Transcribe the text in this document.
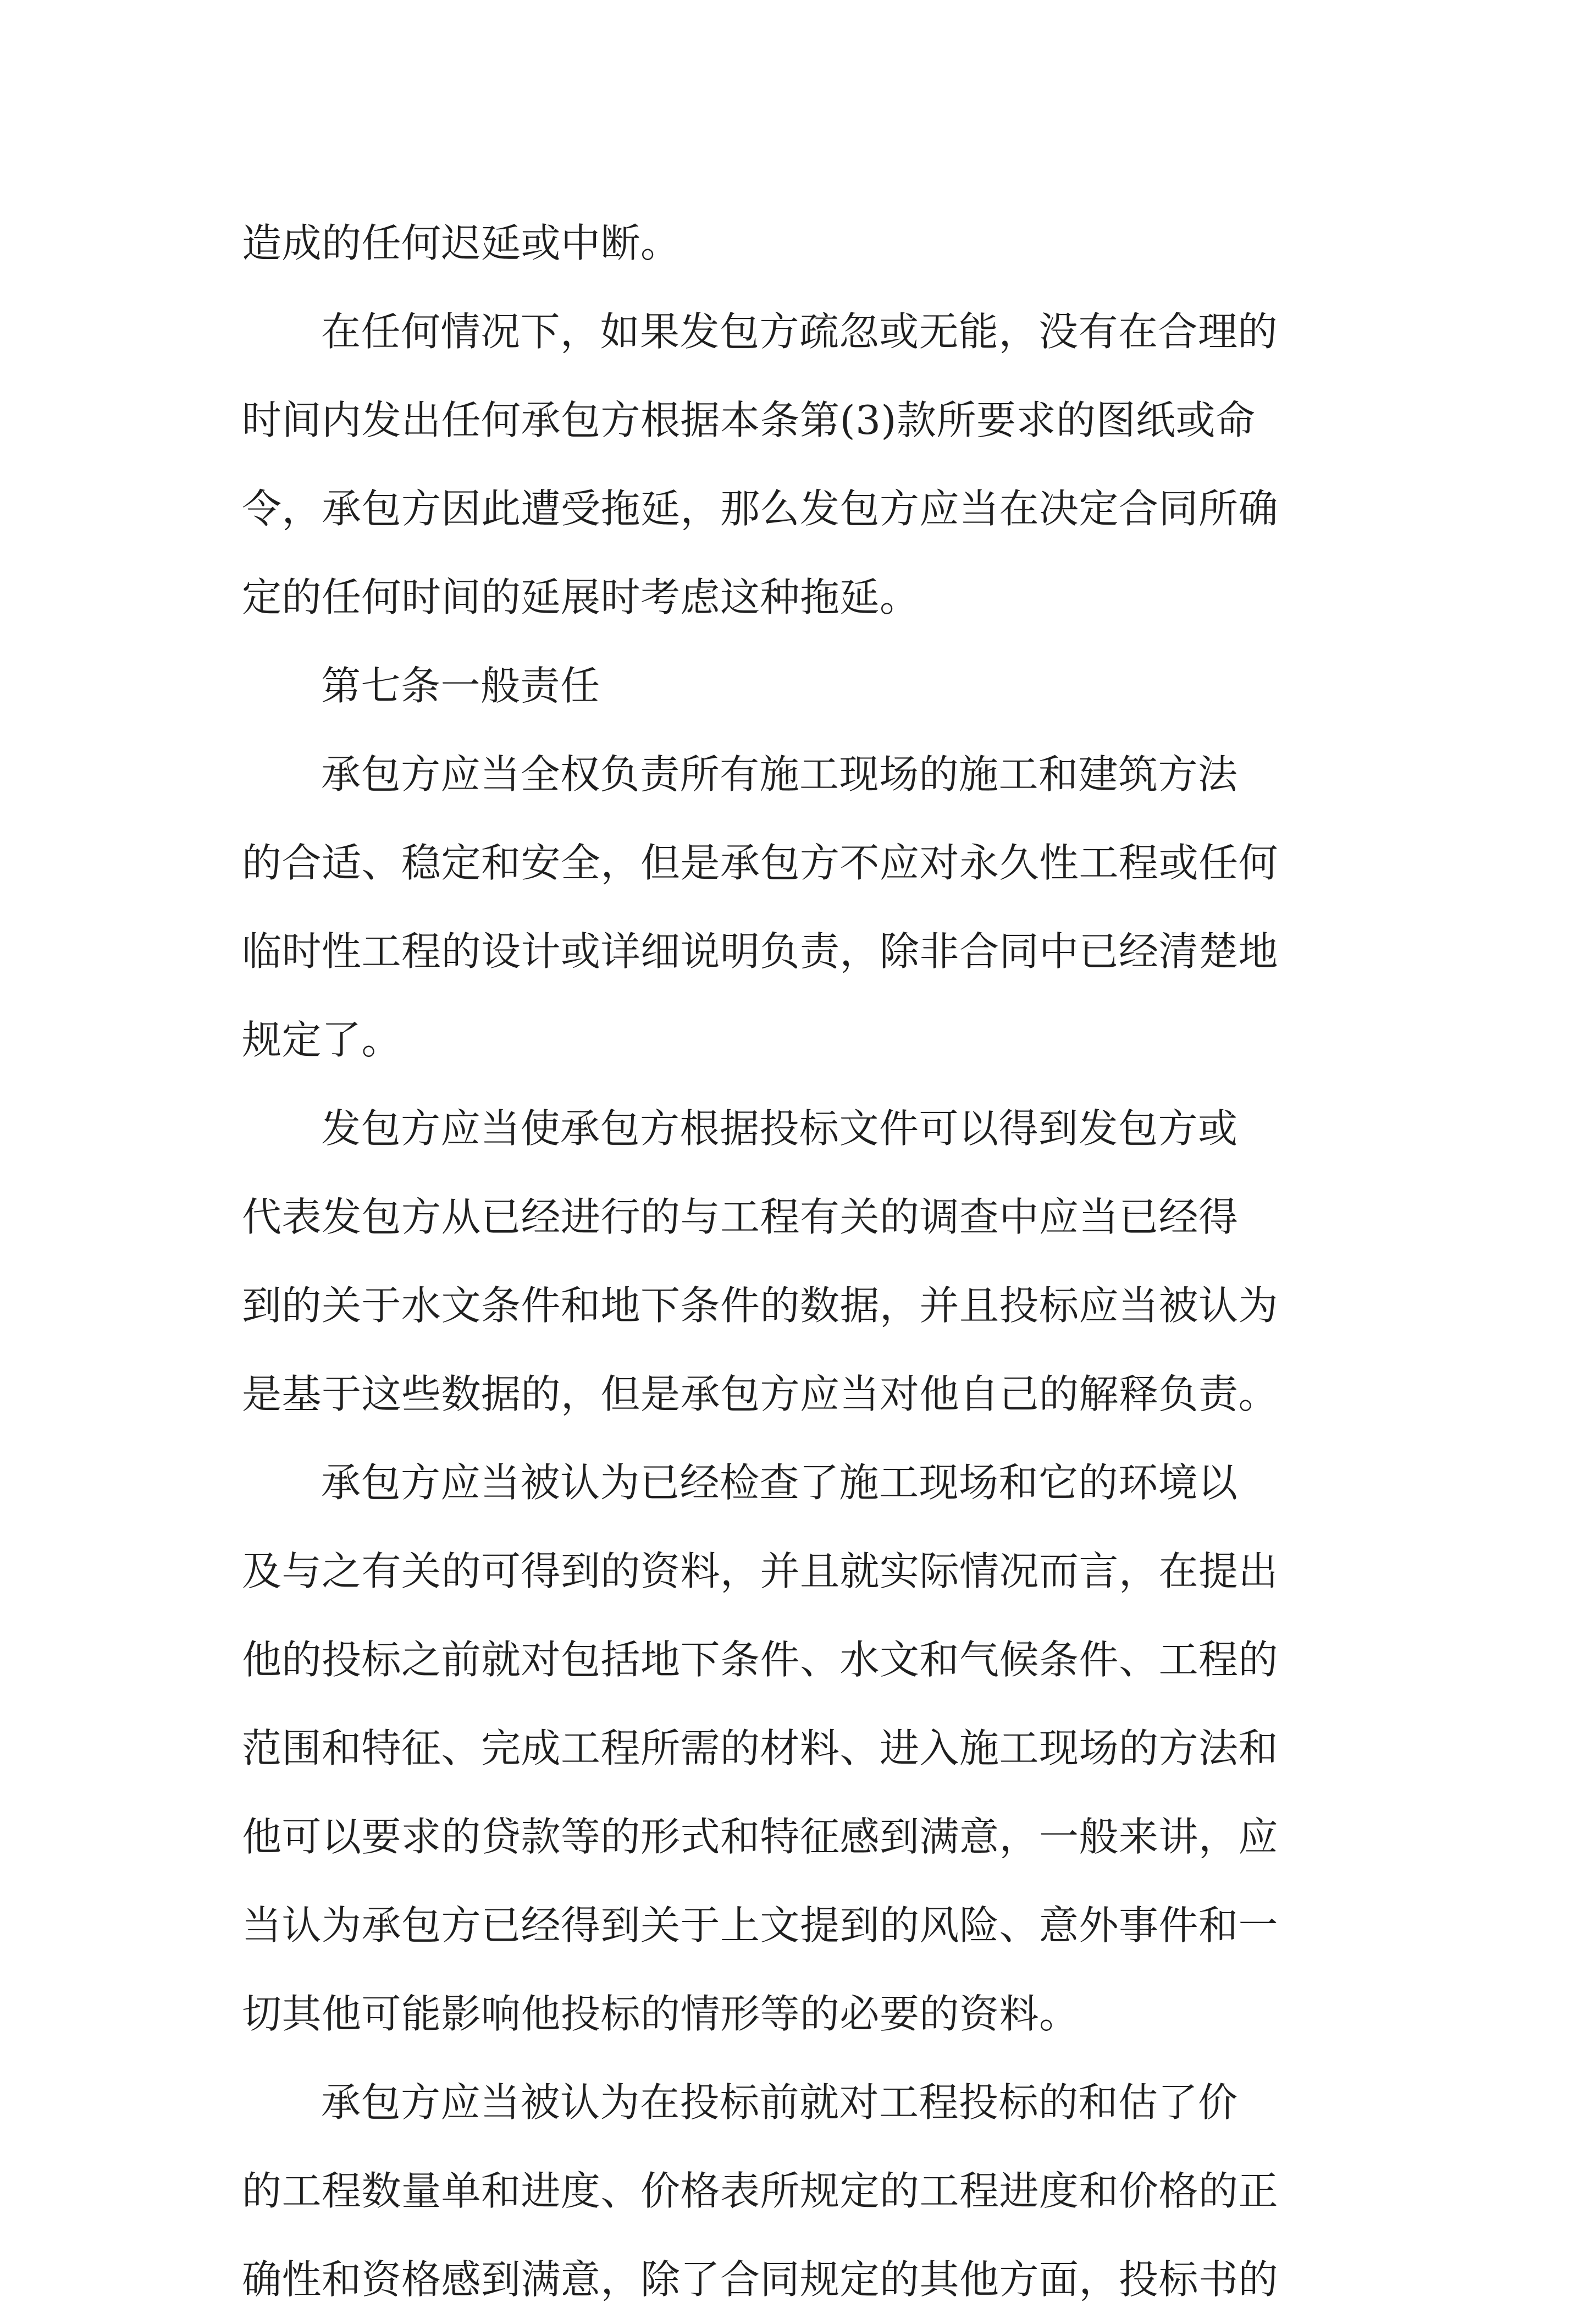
造成的任何迟延或中断。

在任何情况下，如果发包方疏忽或无能，没有在合理的
时间内发出任何承包方根据本条第(3)款所要求的图纸或命
令，承包方因此遭受拖延，那么发包方应当在决定合同所确
定的任何时间的延展时考虑这种拖延。

第七条一般责任

承包方应当全权负责所有施工现场的施工和建筑方法
的合适、稳定和安全，但是承包方不应对永久性工程或任何
临时性工程的设计或详细说明负责，除非合同中已经清楚地
规定了。

发包方应当使承包方根据投标文件可以得到发包方或
代表发包方从已经进行的与工程有关的调查中应当已经得
到的关于水文条件和地下条件的数据，并且投标应当被认为
是基于这些数据的，但是承包方应当对他自己的解释负责。

承包方应当被认为已经检查了施工现场和它的环境以
及与之有关的可得到的资料，并且就实际情况而言，在提出
他的投标之前就对包括地下条件、水文和气候条件、工程的
范围和特征、完成工程所需的材料、进入施工现场的方法和
他可以要求的贷款等的形式和特征感到满意，一般来讲，应
当认为承包方已经得到关于上文提到的风险、意外事件和一
切其他可能影响他投标的情形等的必要的资料。

承包方应当被认为在投标前就对工程投标的和估了价
的工程数量单和进度、价格表所规定的工程进度和价格的正
确性和资格感到满意，除了合同规定的其他方面，投标书的
